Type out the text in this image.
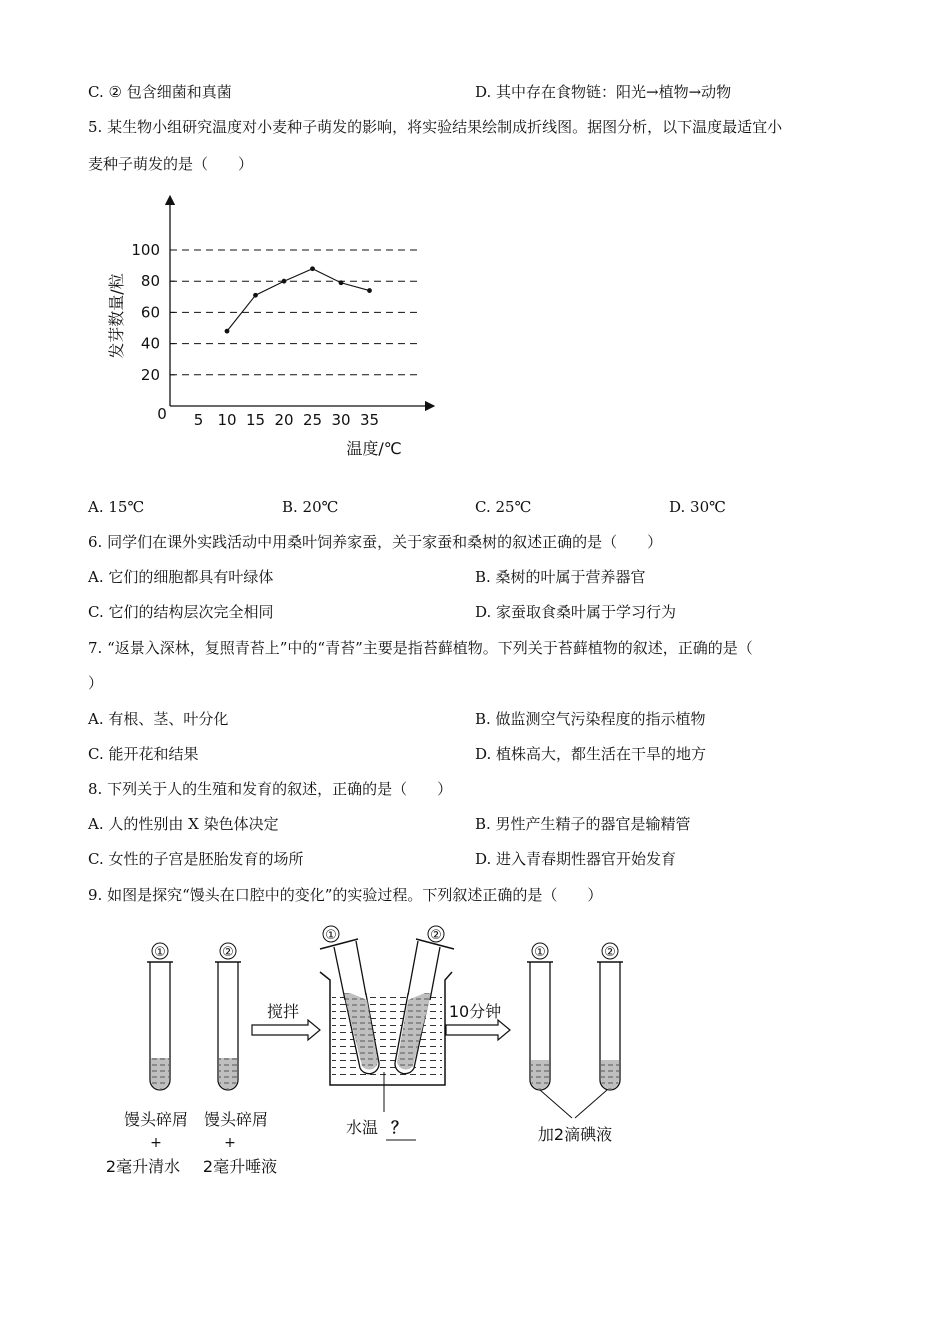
C. ② 包含细菌和真菌	D. 其中存在食物链：阳光→植物→动物
5. 某生物小组研究温度对小麦种子萌发的影响，将实验结果绘制成折线图。据图分析，以下温度最适宜小
麦种子萌发的是（　　）
20
40
60
80
100
5 10 15 20 25 30 35
0
发芽数量/粒
温度/℃
A. 15℃	B. 20℃	C. 25℃	D. 30℃
6. 同学们在课外实践活动中用桑叶饲养家蚕，关于家蚕和桑树的叙述正确的是（　　）
A. 它们的细胞都具有叶绿体	B. 桑树的叶属于营养器官
C. 它们的结构层次完全相同	D. 家蚕取食桑叶属于学习行为
7. “返景入深林，复照青苔上”中的“青苔”主要是指苔藓植物。下列关于苔藓植物的叙述，正确的是（
）
A. 有根、茎、叶分化	B. 做监测空气污染程度的指示植物
C. 能开花和结果	D. 植株高大，都生活在干旱的地方
8. 下列关于人的生殖和发育的叙述，正确的是（　　）
A. 人的性别由 X 染色体决定	B. 男性产生精子的器官是输精管
C. 女性的子宫是胚胎发育的场所	D. 进入青春期性器官开始发育
9. 如图是探究“馒头在口腔中的变化”的实验过程。下列叙述正确的是（　　）
①	②
馒头碎屑
+
2毫升清水
馒头碎屑
+
2毫升唾液
搅拌
①	②
水温 ？
10分钟
①	②
加2滴碘液
